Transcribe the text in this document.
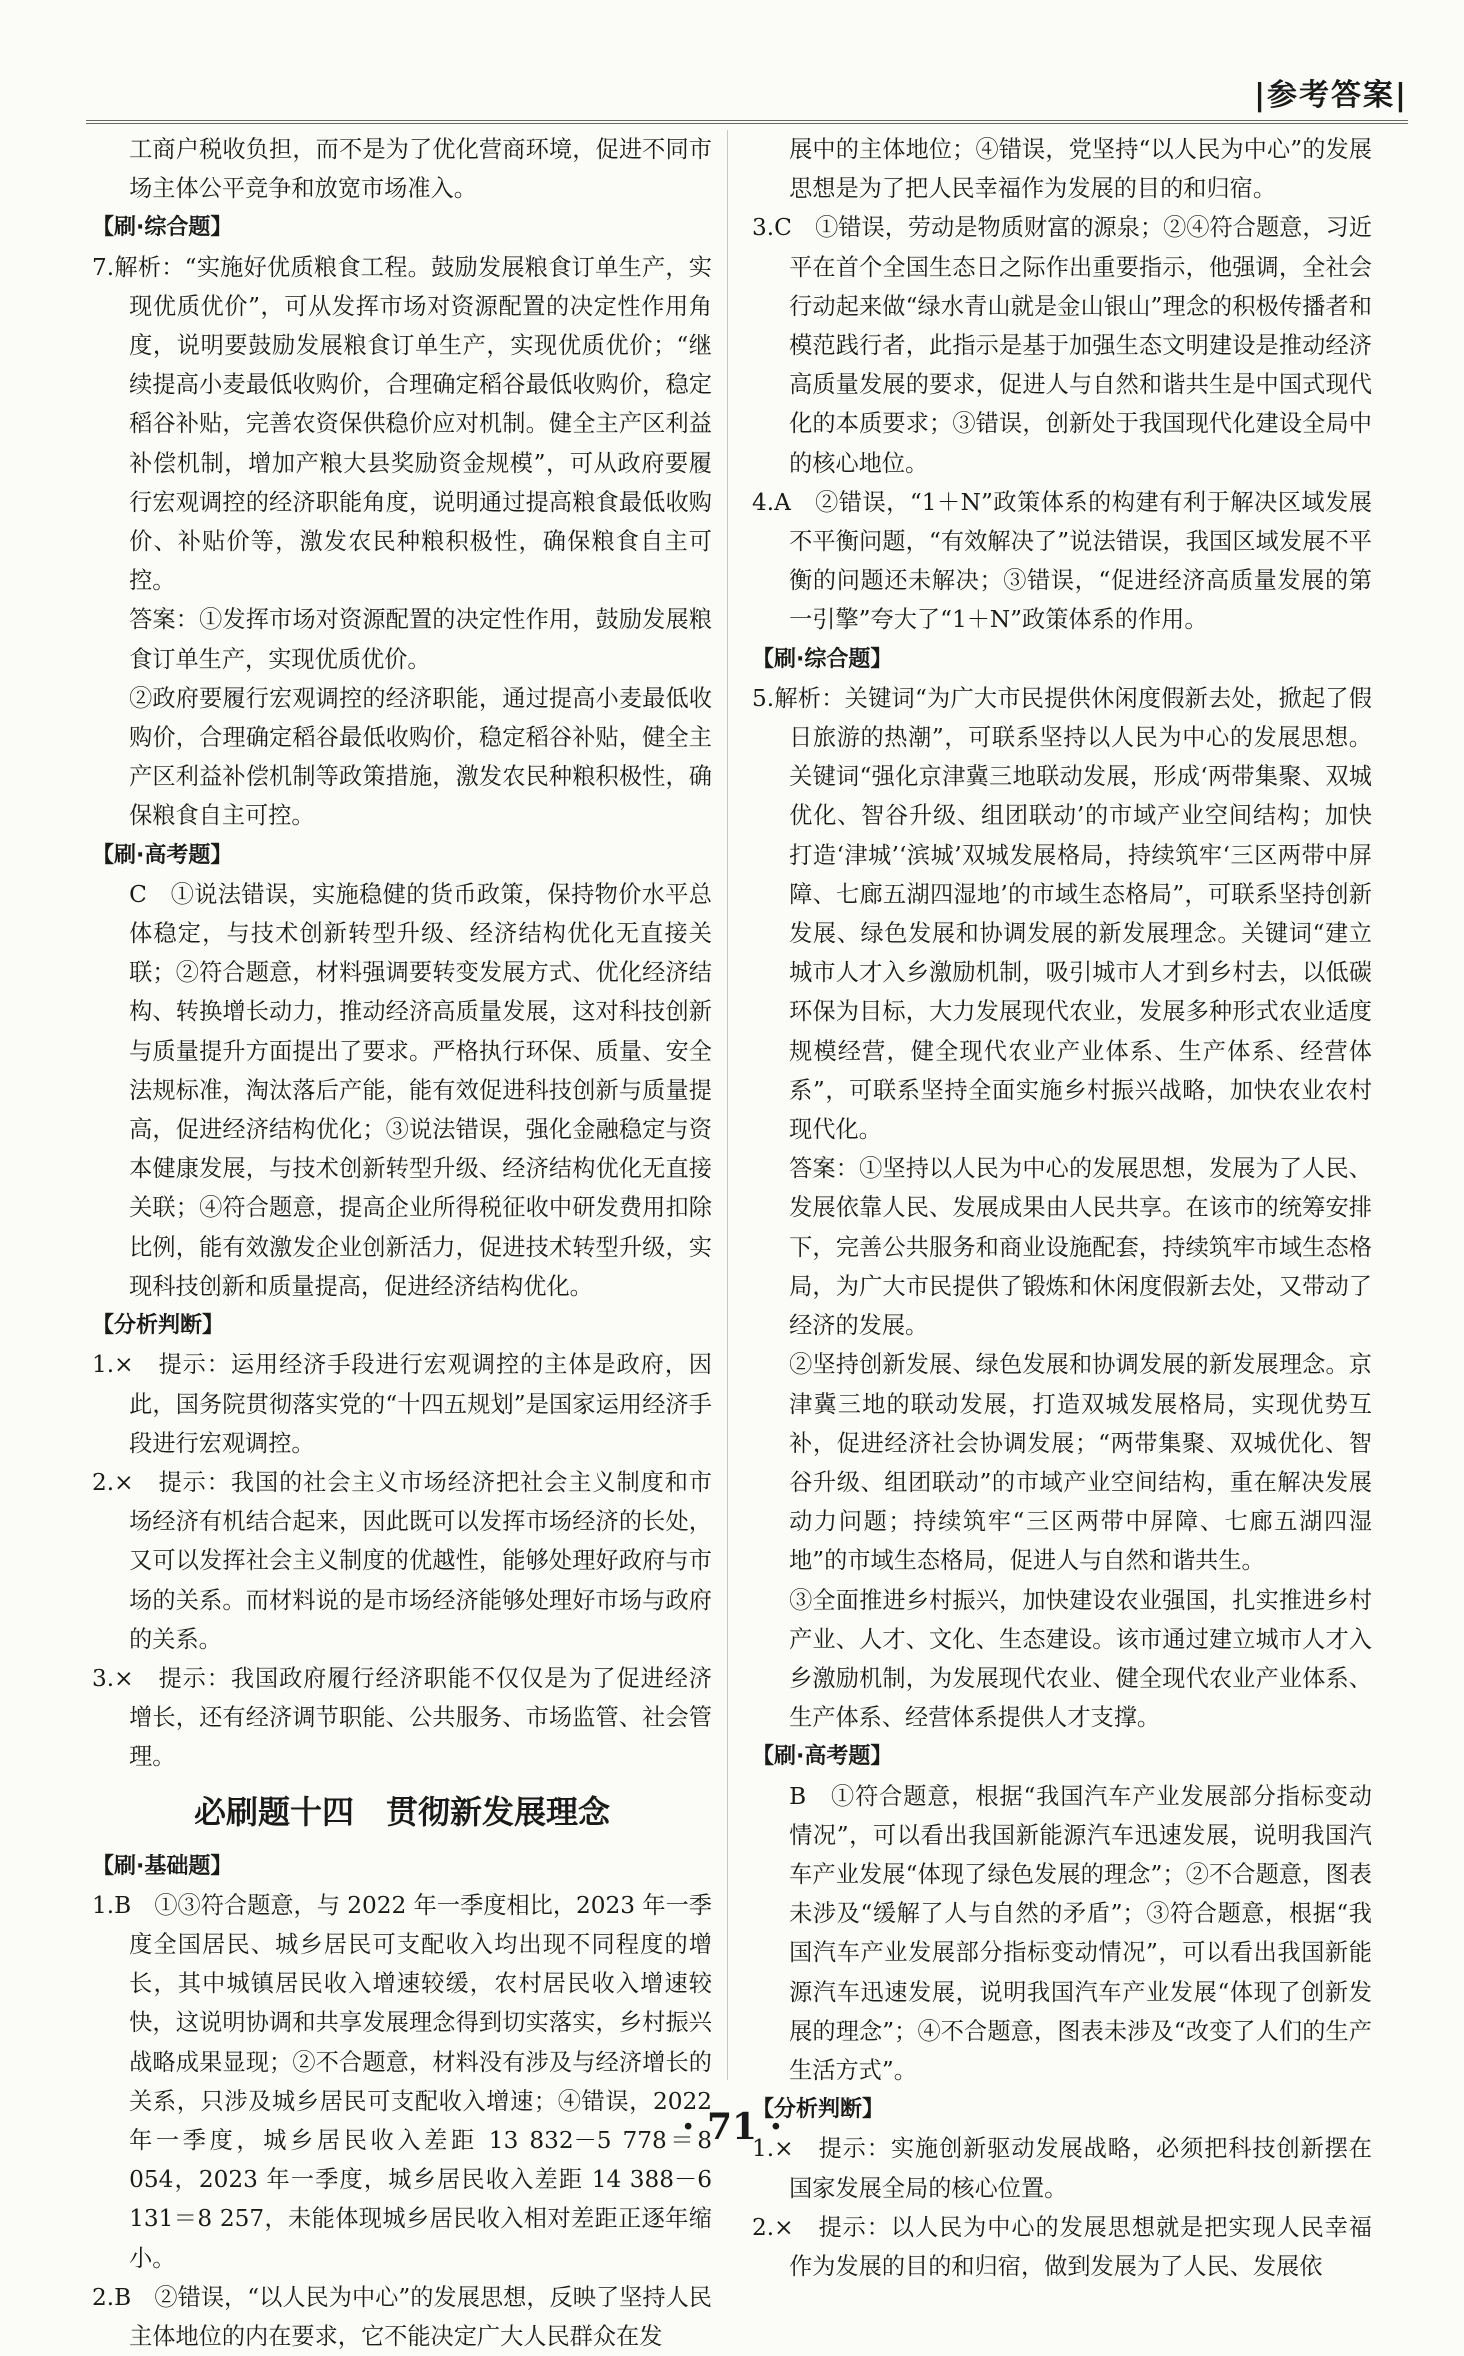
|参考答案|

工商户税收负担，而不是为了优化营商环境，促进不同市场主体公平竞争和放宽市场准入。

【刷·综合题】

7.解析：“实施好优质粮食工程。鼓励发展粮食订单生产，实现优质优价”，可从发挥市场对资源配置的决定性作用角度，说明要鼓励发展粮食订单生产，实现优质优价；“继续提高小麦最低收购价，合理确定稻谷最低收购价，稳定稻谷补贴，完善农资保供稳价应对机制。健全主产区利益补偿机制，增加产粮大县奖励资金规模”，可从政府要履行宏观调控的经济职能角度，说明通过提高粮食最低收购价、补贴价等，激发农民种粮积极性，确保粮食自主可控。

答案：①发挥市场对资源配置的决定性作用，鼓励发展粮食订单生产，实现优质优价。

②政府要履行宏观调控的经济职能，通过提高小麦最低收购价，合理确定稻谷最低收购价，稳定稻谷补贴，健全主产区利益补偿机制等政策措施，激发农民种粮积极性，确保粮食自主可控。

【刷·高考题】

C　①说法错误，实施稳健的货币政策，保持物价水平总体稳定，与技术创新转型升级、经济结构优化无直接关联；②符合题意，材料强调要转变发展方式、优化经济结构、转换增长动力，推动经济高质量发展，这对科技创新与质量提升方面提出了要求。严格执行环保、质量、安全法规标准，淘汰落后产能，能有效促进科技创新与质量提高，促进经济结构优化；③说法错误，强化金融稳定与资本健康发展，与技术创新转型升级、经济结构优化无直接关联；④符合题意，提高企业所得税征收中研发费用扣除比例，能有效激发企业创新活力，促进技术转型升级，实现科技创新和质量提高，促进经济结构优化。

【分析判断】

1.×　提示：运用经济手段进行宏观调控的主体是政府，因此，国务院贯彻落实党的“十四五规划”是国家运用经济手段进行宏观调控。

2.×　提示：我国的社会主义市场经济把社会主义制度和市场经济有机结合起来，因此既可以发挥市场经济的长处，又可以发挥社会主义制度的优越性，能够处理好政府与市场的关系。而材料说的是市场经济能够处理好市场与政府的关系。

3.×　提示：我国政府履行经济职能不仅仅是为了促进经济增长，还有经济调节职能、公共服务、市场监管、社会管理。

必刷题十四　贯彻新发展理念

【刷·基础题】

1.B　①③符合题意，与 2022 年一季度相比，2023 年一季度全国居民、城乡居民可支配收入均出现不同程度的增长，其中城镇居民收入增速较缓，农村居民收入增速较快，这说明协调和共享发展理念得到切实落实，乡村振兴战略成果显现；②不合题意，材料没有涉及与经济增长的关系，只涉及城乡居民可支配收入增速；④错误，2022 年一季度，城乡居民收入差距 13 832－5 778＝8 054，2023 年一季度，城乡居民收入差距 14 388－6 131＝8 257，未能体现城乡居民收入相对差距正逐年缩小。

2.B　②错误，“以人民为中心”的发展思想，反映了坚持人民主体地位的内在要求，它不能决定广大人民群众在发

展中的主体地位；④错误，党坚持“以人民为中心”的发展思想是为了把人民幸福作为发展的目的和归宿。

3.C　①错误，劳动是物质财富的源泉；②④符合题意，习近平在首个全国生态日之际作出重要指示，他强调，全社会行动起来做“绿水青山就是金山银山”理念的积极传播者和模范践行者，此指示是基于加强生态文明建设是推动经济高质量发展的要求，促进人与自然和谐共生是中国式现代化的本质要求；③错误，创新处于我国现代化建设全局中的核心地位。

4.A　②错误，“1＋N”政策体系的构建有利于解决区域发展不平衡问题，“有效解决了”说法错误，我国区域发展不平衡的问题还未解决；③错误，“促进经济高质量发展的第一引擎”夸大了“1＋N”政策体系的作用。

【刷·综合题】

5.解析：关键词“为广大市民提供休闲度假新去处，掀起了假日旅游的热潮”，可联系坚持以人民为中心的发展思想。关键词“强化京津冀三地联动发展，形成‘两带集聚、双城优化、智谷升级、组团联动’的市域产业空间结构；加快打造‘津城’‘滨城’双城发展格局，持续筑牢‘三区两带中屏障、七廊五湖四湿地’的市域生态格局”，可联系坚持创新发展、绿色发展和协调发展的新发展理念。关键词“建立城市人才入乡激励机制，吸引城市人才到乡村去，以低碳环保为目标，大力发展现代农业，发展多种形式农业适度规模经营，健全现代农业产业体系、生产体系、经营体系”，可联系坚持全面实施乡村振兴战略，加快农业农村现代化。

答案：①坚持以人民为中心的发展思想，发展为了人民、发展依靠人民、发展成果由人民共享。在该市的统筹安排下，完善公共服务和商业设施配套，持续筑牢市域生态格局，为广大市民提供了锻炼和休闲度假新去处，又带动了经济的发展。

②坚持创新发展、绿色发展和协调发展的新发展理念。京津冀三地的联动发展，打造双城发展格局，实现优势互补，促进经济社会协调发展；“两带集聚、双城优化、智谷升级、组团联动”的市域产业空间结构，重在解决发展动力问题；持续筑牢“三区两带中屏障、七廊五湖四湿地”的市域生态格局，促进人与自然和谐共生。

③全面推进乡村振兴，加快建设农业强国，扎实推进乡村产业、人才、文化、生态建设。该市通过建立城市人才入乡激励机制，为发展现代农业、健全现代农业产业体系、生产体系、经营体系提供人才支撑。

【刷·高考题】

B　①符合题意，根据“我国汽车产业发展部分指标变动情况”，可以看出我国新能源汽车迅速发展，说明我国汽车产业发展“体现了绿色发展的理念”；②不合题意，图表未涉及“缓解了人与自然的矛盾”；③符合题意，根据“我国汽车产业发展部分指标变动情况”，可以看出我国新能源汽车迅速发展，说明我国汽车产业发展“体现了创新发展的理念”；④不合题意，图表未涉及“改变了人们的生产生活方式”。

【分析判断】

1.×　提示：实施创新驱动发展战略，必须把科技创新摆在国家发展全局的核心位置。

2.×　提示：以人民为中心的发展思想就是把实现人民幸福作为发展的目的和归宿，做到发展为了人民、发展依

· 71 ·
